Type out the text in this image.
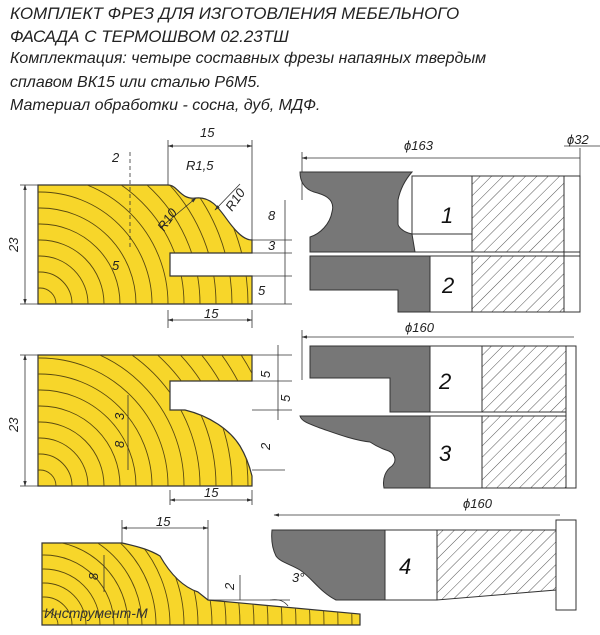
КОМПЛЕКТ ФРЕЗ ДЛЯ ИЗГОТОВЛЕНИЯ МЕБЕЛЬНОГО
ФАСАДА С ТЕРМОШВОМ 02.23ТШ
Комплектация: четыре составных фрезы напаяных твердым
сплавом ВК15 или сталью Р6М5.
Материал обработки - сосна, дуб, МДФ.
15
2
R1,5
R10
R10
23
8
3
5
5
15
23
5
5
3
8	2
15
15
8
2
3°
ϕ163	ϕ32
1
2
ϕ160
2
3
ϕ160
4
Инструмент-М
